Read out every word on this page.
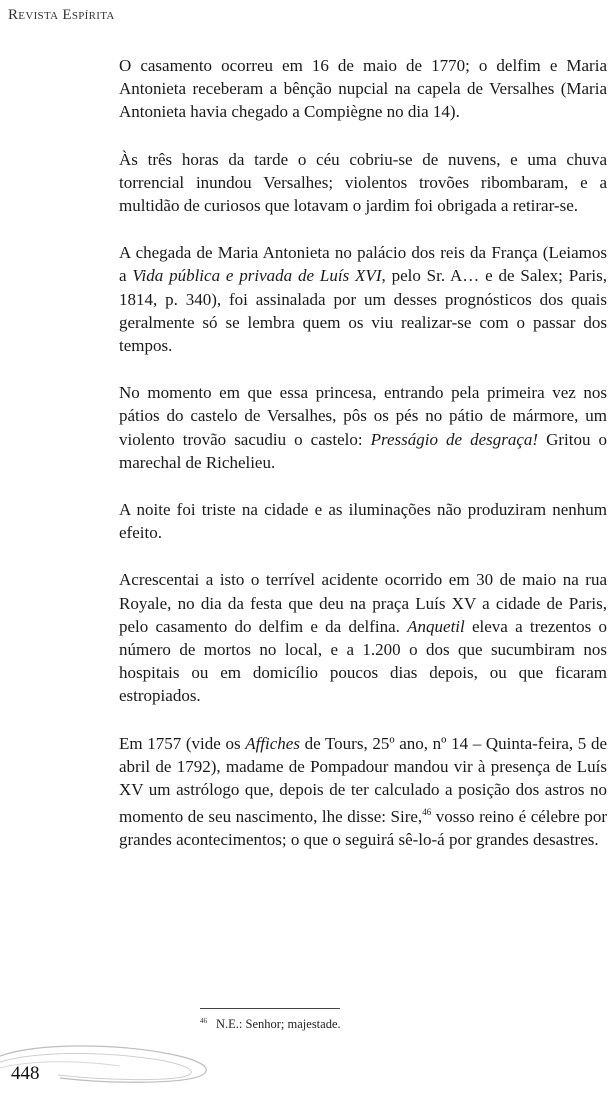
Revista Espírita

O casamento ocorreu em 16 de maio de 1770; o delfim e Maria Antonieta receberam a bênção nupcial na capela de Versalhes (Maria Antonieta havia chegado a Compiègne no dia 14).

Às três horas da tarde o céu cobriu-se de nuvens, e uma chuva torrencial inundou Versalhes; violentos trovões ribombaram, e a multidão de curiosos que lotavam o jardim foi obrigada a retirar-se.

A chegada de Maria Antonieta no palácio dos reis da França (Leiamos a Vida pública e privada de Luís XVI, pelo Sr. A… e de Salex; Paris, 1814, p. 340), foi assinalada por um desses prognósticos dos quais geralmente só se lembra quem os viu realizar-se com o passar dos tempos.

No momento em que essa princesa, entrando pela primeira vez nos pátios do castelo de Versalhes, pôs os pés no pátio de mármore, um violento trovão sacudiu o castelo: Presságio de desgraça! Gritou o marechal de Richelieu.

A noite foi triste na cidade e as iluminações não produziram nenhum efeito.

Acrescentai a isto o terrível acidente ocorrido em 30 de maio na rua Royale, no dia da festa que deu na praça Luís XV a cidade de Paris, pelo casamento do delfim e da delfina. Anquetil eleva a trezentos o número de mortos no local, e a 1.200 o dos que sucumbiram nos hospitais ou em domicílio poucos dias depois, ou que ficaram estropiados.

Em 1757 (vide os Affiches de Tours, 25º ano, nº 14 – Quinta-feira, 5 de abril de 1792), madame de Pompadour mandou vir à presença de Luís XV um astrólogo que, depois de ter calculado a posição dos astros no momento de seu nascimento, lhe disse: Sire,$^{46}$ vosso reino é célebre por grandes acontecimentos; o que o seguirá sê-lo-á por grandes desastres.

$^{46}$ N.E.: Senhor; majestade.
448
